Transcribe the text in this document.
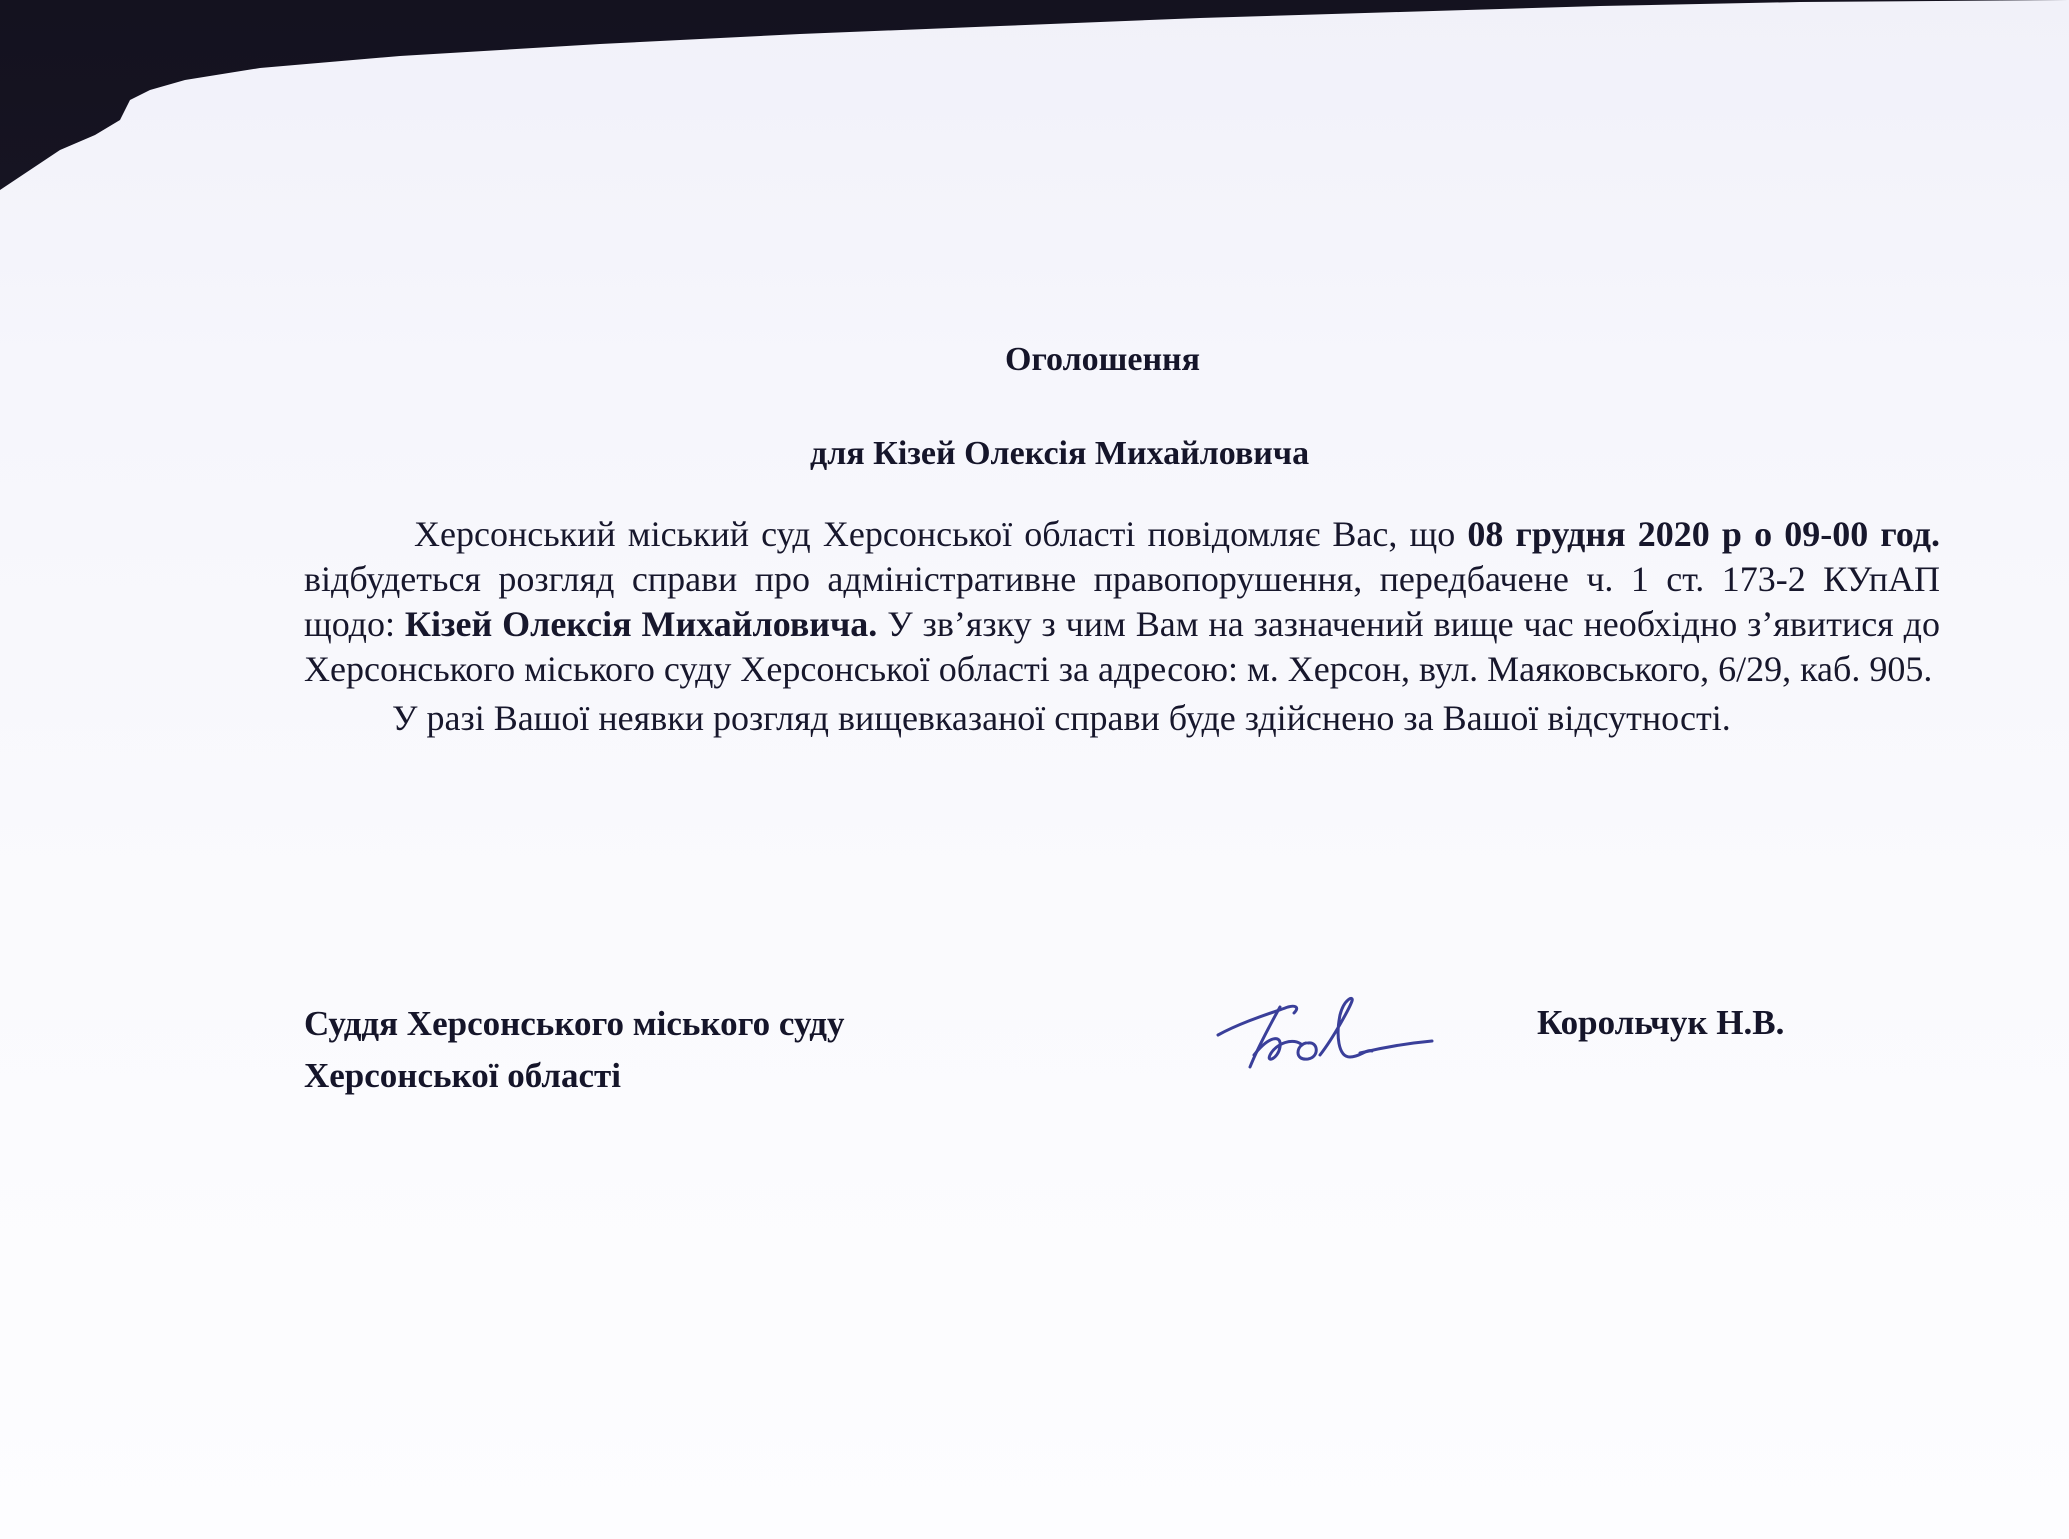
Оголошення
для Кізей Олексія Михайловича

Херсонський міський суд Херсонської області повідомляє Вас, що 08 грудня 2020 р о 09-00 год. відбудеться розгляд справи про адміністративне правопорушення, передбачене ч. 1 ст. 173-2 КУпАП щодо: Кізей Олексія Михайловича. У зв’язку з чим Вам на зазначений вище час необхідно з’явитися до Херсонського міського суду Херсонської області за адресою: м. Херсон, вул. Маяковського, 6/29, каб. 905.

У разі Вашої неявки розгляд вищевказаної справи буде здійснено за Вашої відсутності.

Суддя Херсонського міського суду
Херсонської області
Корольчук Н.В.
